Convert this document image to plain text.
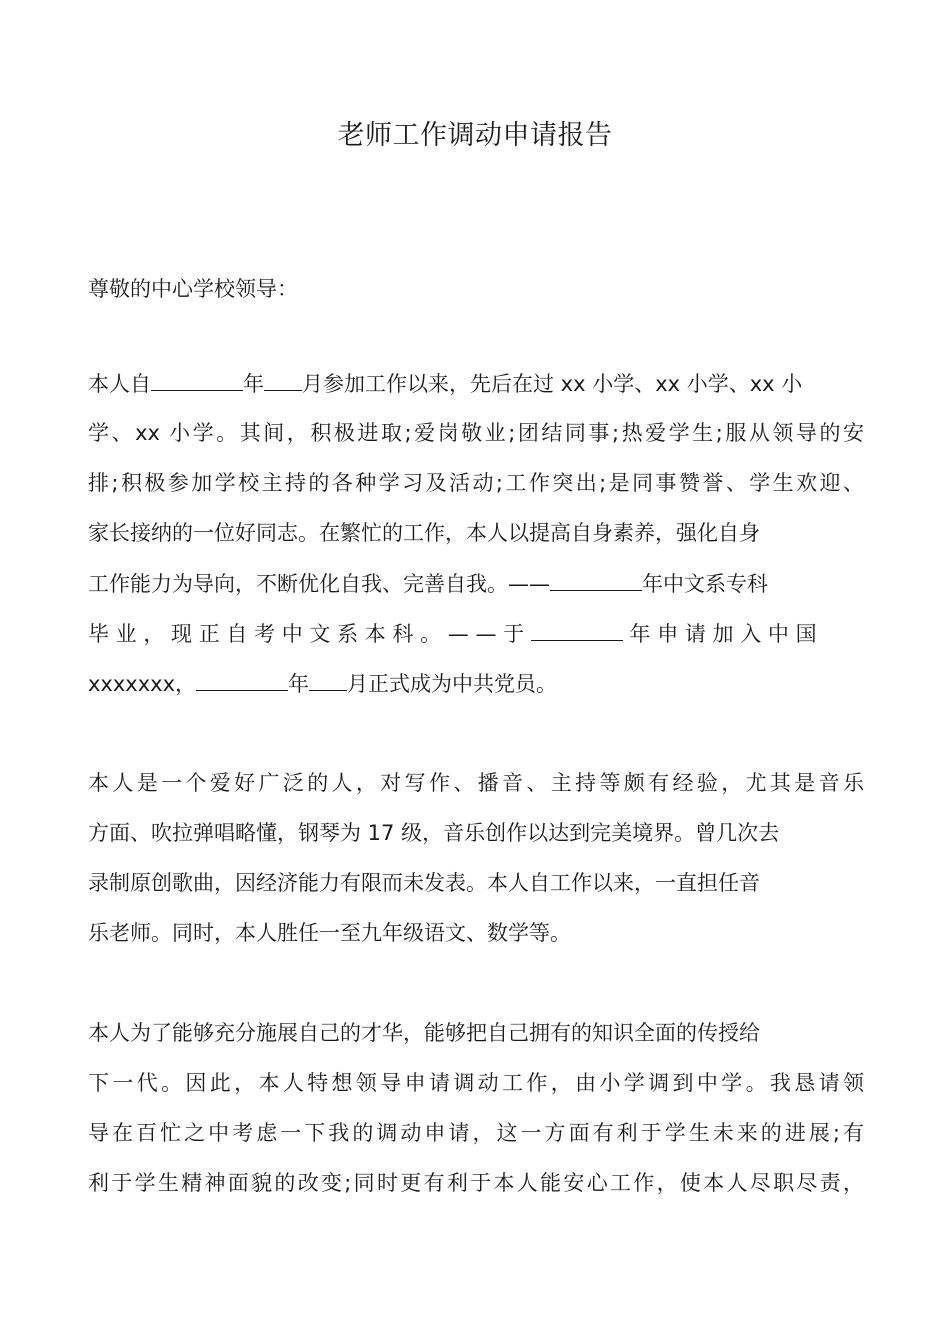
老师工作调动申请报告
尊敬的中心学校领导：
本人自	年 月参加工作以来，先后在过 xx 小学、xx 小学、xx 小
学、xx 小学。其间，积极进取;爱岗敬业;团结同事;热爱学生;服从领导的安
排;积极参加学校主持的各种学习及活动;工作突出;是同事赞誉、学生欢迎、
家长接纳的一位好同志。在繁忙的工作，本人以提高自身素养，强化自身
工作能力为导向，不断优化自我、完善自我。——	年中文系专科
毕 业 ， 现 正 自 考 中 文 系 本 科 。 — — 于	年 申 请 加 入 中 国
xxxxxxx，	年 月正式成为中共党员。
本人是一个爱好广泛的人，对写作、播音、主持等颇有经验，尤其是音乐
方面、吹拉弹唱略懂，钢琴为 17 级，音乐创作以达到完美境界。曾几次去
录制原创歌曲，因经济能力有限而未发表。本人自工作以来，一直担任音
乐老师。同时，本人胜任一至九年级语文、数学等。
本人为了能够充分施展自己的才华，能够把自己拥有的知识全面的传授给
下一代。因此，本人特想领导申请调动工作，由小学调到中学。我恳请领
导在百忙之中考虑一下我的调动申请，这一方面有利于学生未来的进展;有
利于学生精神面貌的改变;同时更有利于本人能安心工作，使本人尽职尽责，
